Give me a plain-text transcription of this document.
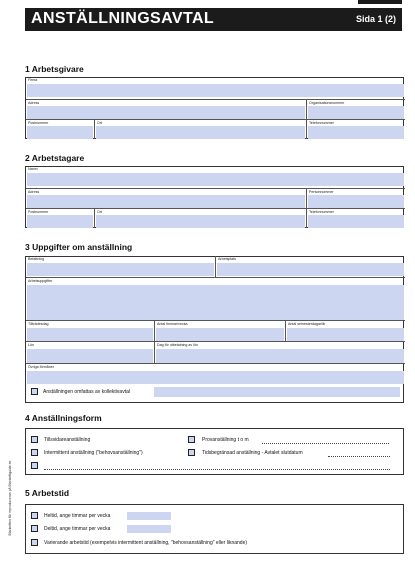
ANSTÄLLNINGSAVTAL	Sida 1 (2)
1 Arbetsgivare
Firma
Adress	Organisationsnummer
Postnummer	Ort	Telefonnummer
2 Arbetstagare
Namn
Adress	Personnummer
Postnummer	Ort	Telefonnummer
3 Uppgifter om anställning
Befattning	Arbetsplats
Arbetsuppgifter
Tillträdesdag	Antal timmar/vecka	Antal semesterdagar/år
Lön	Dag för utbetalning av lön
Övriga förmåner
Anställningen omfattas av kollektivavtal
4 Anställningsform
Tillsvidareanställning	Provanställning t o m
Intermittent anställning ("behovsanställning")	Tidsbegränsad anställning - Avtalet slutdatum
5 Arbetstid
Heltid, ange timmar per vecka
Deltid, ange timmar per vecka
Varierande arbetstid (exempelvis intermittent anställning, "behovsanställning" eller liknande)
Blanketten får reproduceras på Blankettguide.se
